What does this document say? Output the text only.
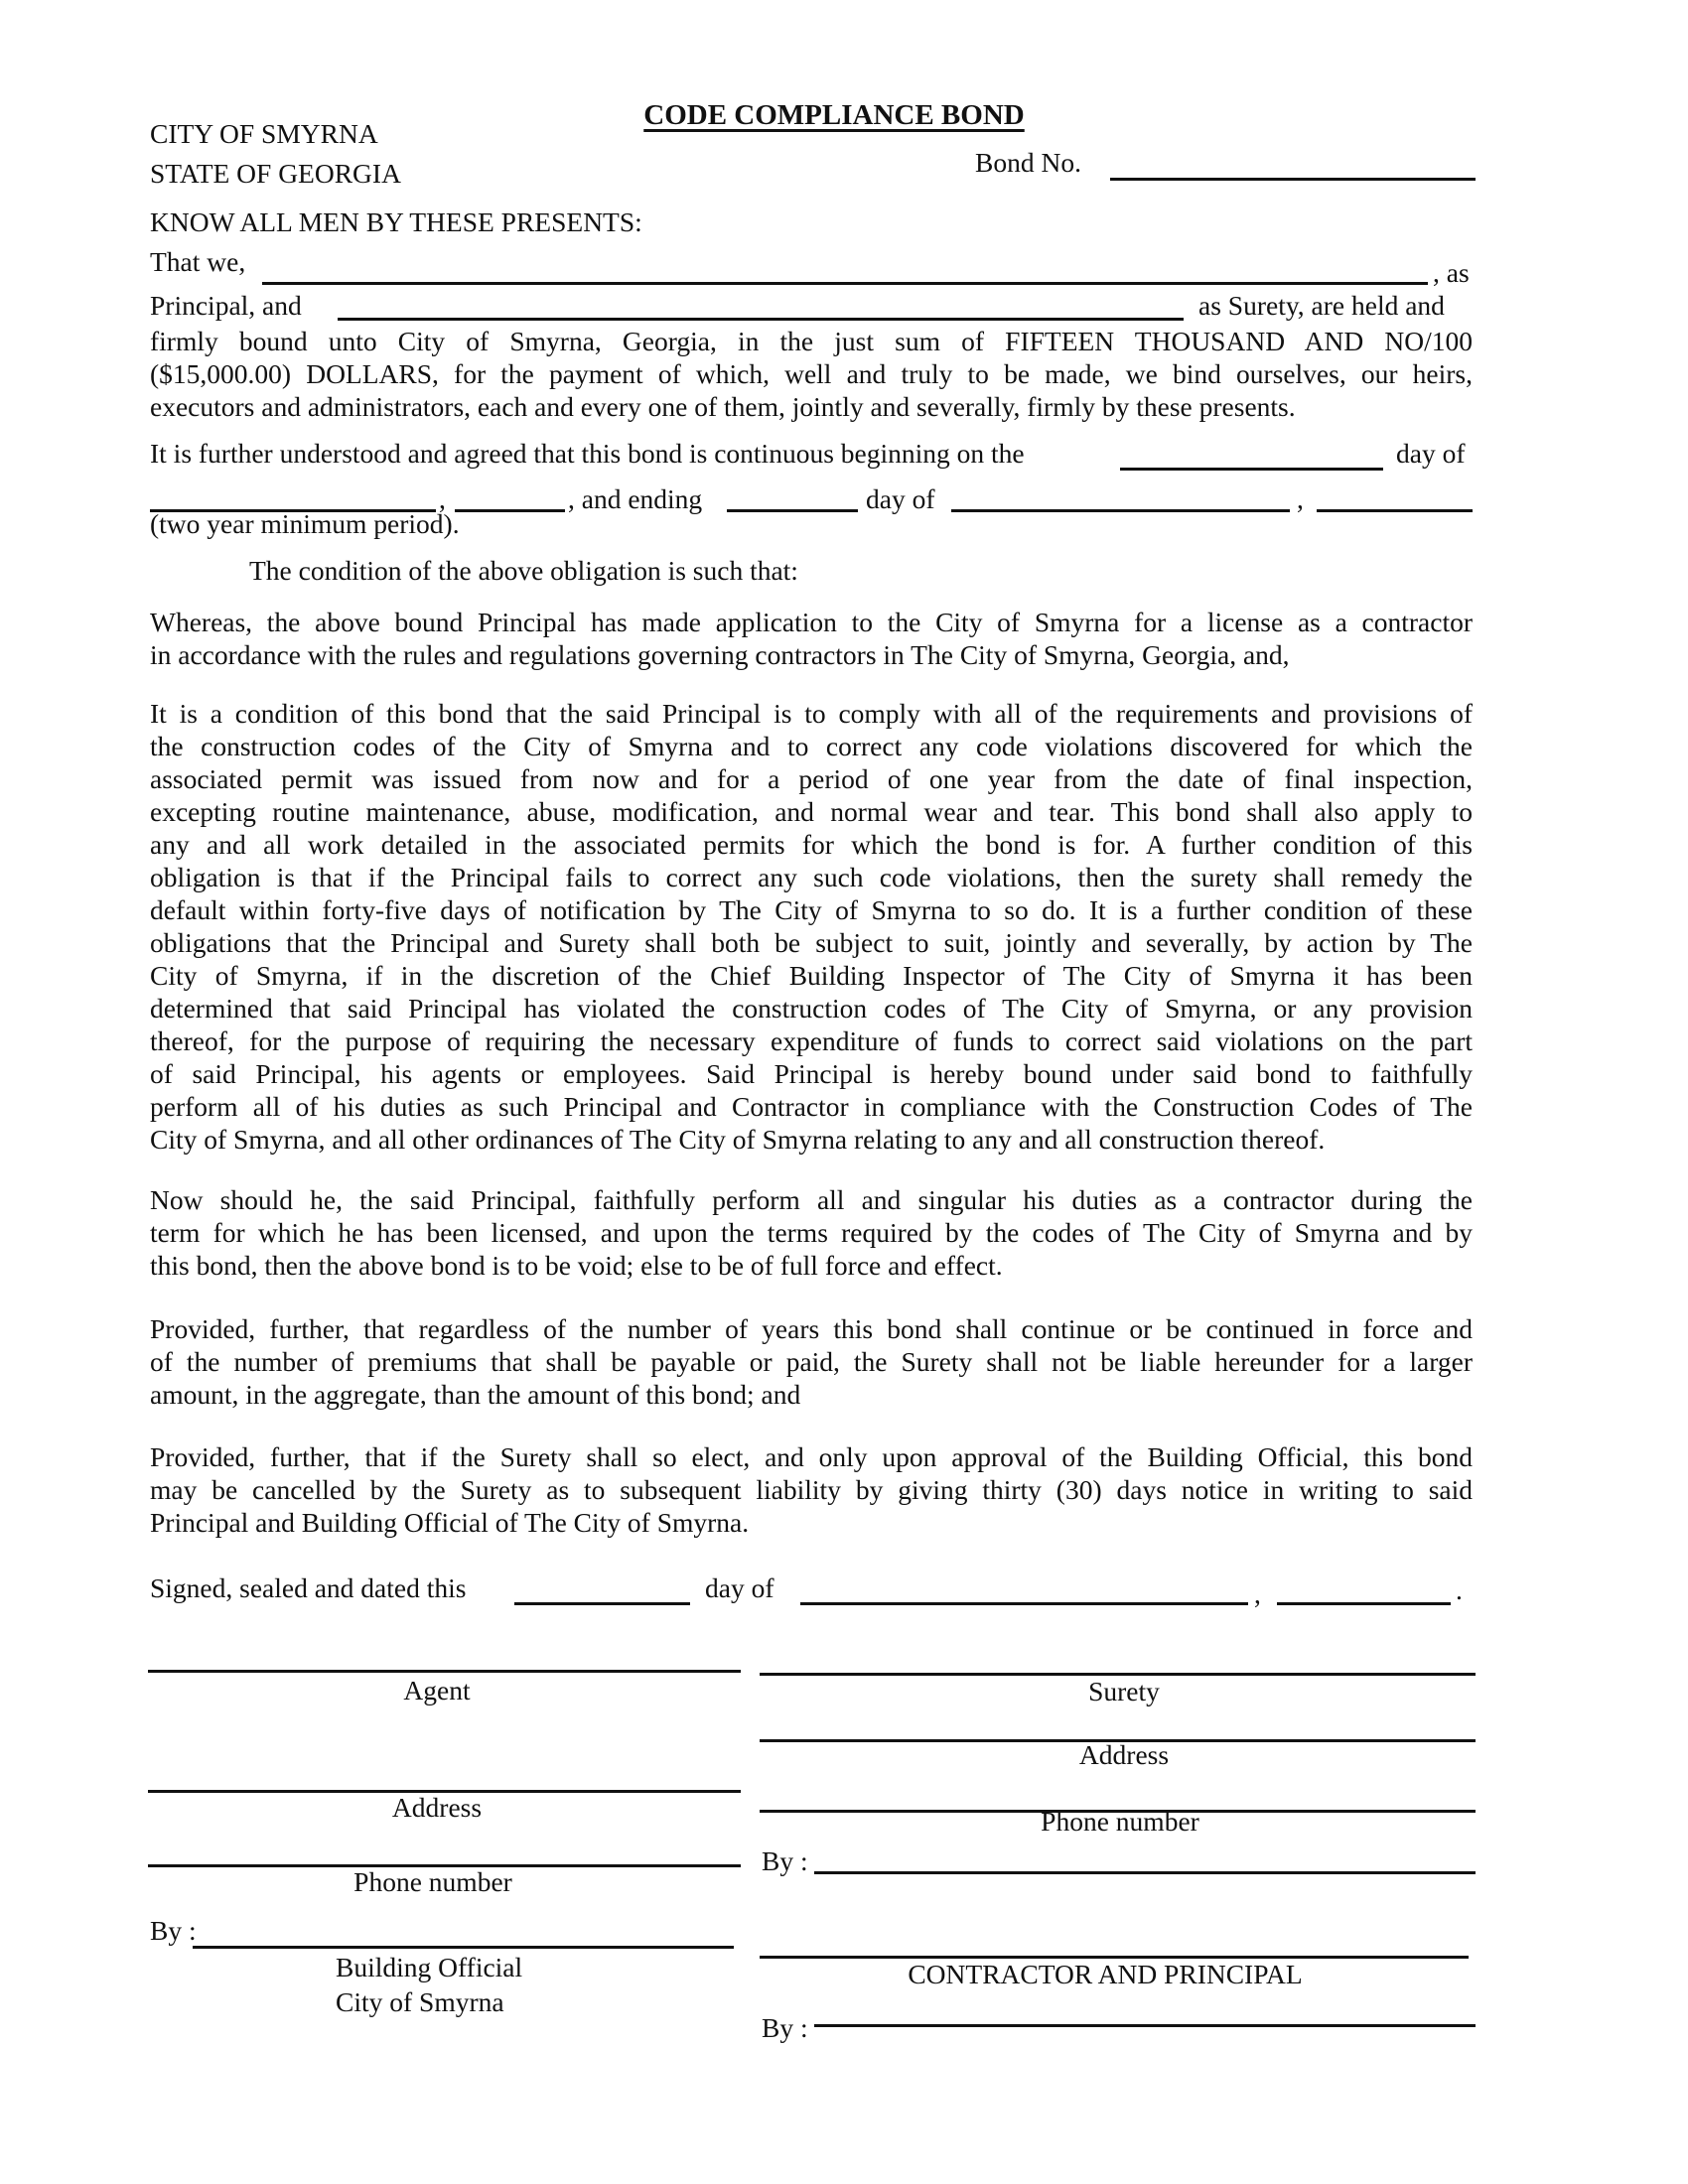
CODE COMPLIANCE BOND
CITY OF SMYRNA
STATE OF GEORGIA	Bond No.
KNOW ALL MEN BY THESE PRESENTS:
That we,	, as
Principal, and	as Surety, are held and
firmly bound unto City of Smyrna, Georgia, in the just sum of FIFTEEN THOUSAND AND NO/100
($15,000.00) DOLLARS, for the payment of which, well and truly to be made, we bind ourselves, our heirs,
executors and administrators, each and every one of them, jointly and severally, firmly by these presents.
It is further understood and agreed that this bond is continuous beginning on the	day of
,	, and ending	day of	,
(two year minimum period).
The condition of the above obligation is such that:
Whereas, the above bound Principal has made application to the City of Smyrna for a license as a contractor
in accordance with the rules and regulations governing contractors in The City of Smyrna, Georgia, and,
It is a condition of this bond that the said Principal is to comply with all of the requirements and provisions of
the construction codes of the City of Smyrna and to correct any code violations discovered for which the
associated permit was issued from now and for a period of one year from the date of final inspection,
excepting routine maintenance, abuse, modification, and normal wear and tear. This bond shall also apply to
any and all work detailed in the associated permits for which the bond is for. A further condition of this
obligation is that if the Principal fails to correct any such code violations, then the surety shall remedy the
default within forty-five days of notification by The City of Smyrna to so do. It is a further condition of these
obligations that the Principal and Surety shall both be subject to suit, jointly and severally, by action by The
City of Smyrna, if in the discretion of the Chief Building Inspector of The City of Smyrna it has been
determined that said Principal has violated the construction codes of The City of Smyrna, or any provision
thereof, for the purpose of requiring the necessary expenditure of funds to correct said violations on the part
of said Principal, his agents or employees. Said Principal is hereby bound under said bond to faithfully
perform all of his duties as such Principal and Contractor in compliance with the Construction Codes of The
City of Smyrna, and all other ordinances of The City of Smyrna relating to any and all construction thereof.
Now should he, the said Principal, faithfully perform all and singular his duties as a contractor during the
term for which he has been licensed, and upon the terms required by the codes of The City of Smyrna and by
this bond, then the above bond is to be void; else to be of full force and effect.
Provided, further, that regardless of the number of years this bond shall continue or be continued in force and
of the number of premiums that shall be payable or paid, the Surety shall not be liable hereunder for a larger
amount, in the aggregate, than the amount of this bond; and
Provided, further, that if the Surety shall so elect, and only upon approval of the Building Official, this bond
may be cancelled by the Surety as to subsequent liability by giving thirty (30) days notice in writing to said
Principal and Building Official of The City of Smyrna.
Signed, sealed and dated this	day of	,	.
Agent
Address
Phone number
By :
Building Official
City of Smyrna
Surety
Address
Phone number
By :
CONTRACTOR AND PRINCIPAL
By :
